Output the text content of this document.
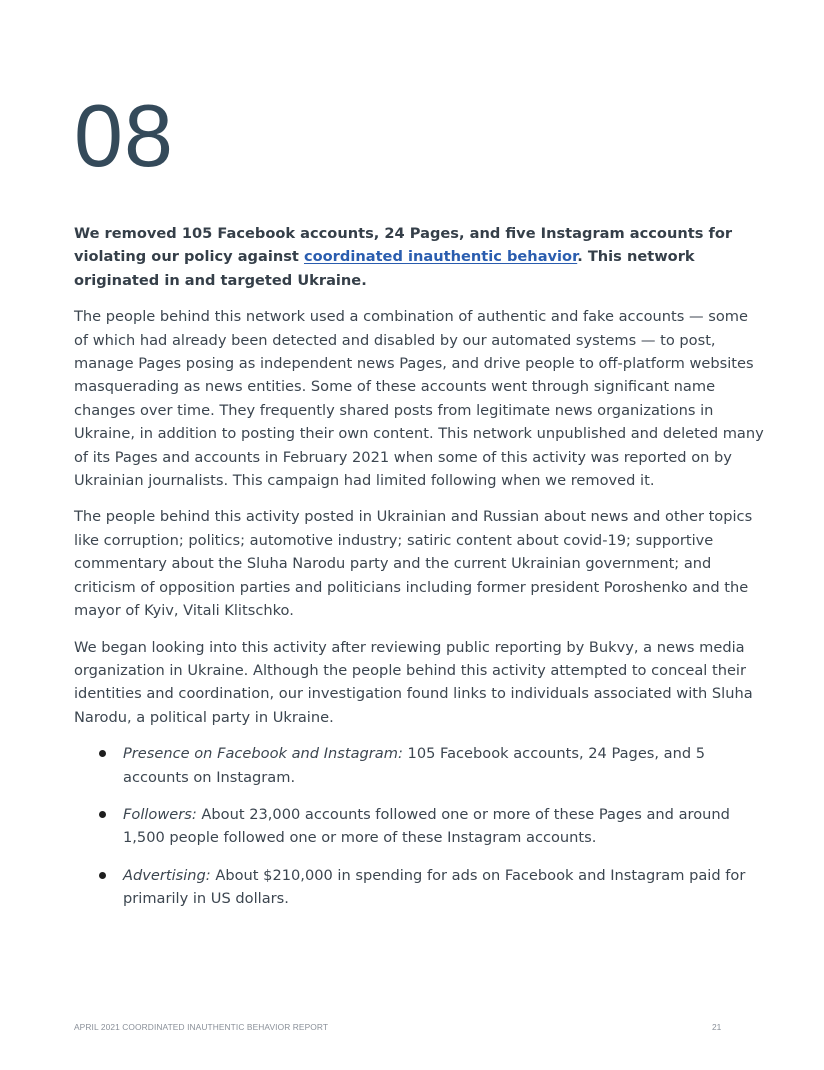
08

We removed 105 Facebook accounts, 24 Pages, and five Instagram accounts for violating our policy against coordinated inauthentic behavior. This network originated in and targeted Ukraine.

The people behind this network used a combination of authentic and fake accounts — some of which had already been detected and disabled by our automated systems — to post, manage Pages posing as independent news Pages, and drive people to off-platform websites masquerading as news entities. Some of these accounts went through significant name changes over time. They frequently shared posts from legitimate news organizations in Ukraine, in addition to posting their own content. This network unpublished and deleted many of its Pages and accounts in February 2021 when some of this activity was reported on by Ukrainian journalists. This campaign had limited following when we removed it.

The people behind this activity posted in Ukrainian and Russian about news and other topics like corruption; politics; automotive industry; satiric content about covid-19; supportive commentary about the Sluha Narodu party and the current Ukrainian government; and criticism of opposition parties and politicians including former president Poroshenko and the mayor of Kyiv, Vitali Klitschko.

We began looking into this activity after reviewing public reporting by Bukvy, a news media organization in Ukraine. Although the people behind this activity attempted to conceal their identities and coordination, our investigation found links to individuals associated with Sluha Narodu, a political party in Ukraine.

Presence on Facebook and Instagram: 105 Facebook accounts, 24 Pages, and 5 accounts on Instagram.
Followers: About 23,000 accounts followed one or more of these Pages and around 1,500 people followed one or more of these Instagram accounts.
Advertising: About $210,000 in spending for ads on Facebook and Instagram paid for primarily in US dollars.
APRIL 2021 COORDINATED INAUTHENTIC BEHAVIOR REPORT	21
